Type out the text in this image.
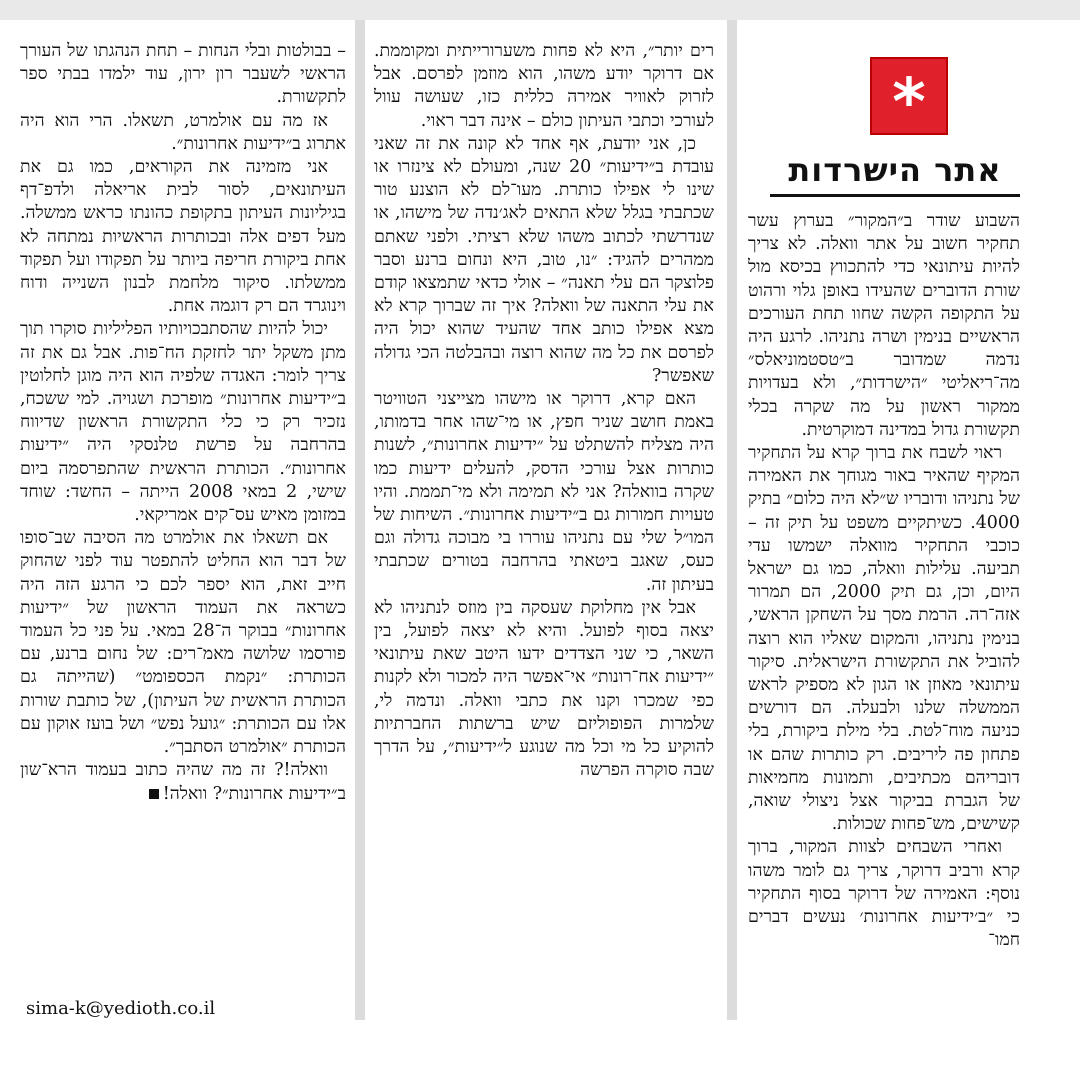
*
אתר הישרדות

השבוע שודר ב״המקור״ בערוץ עשר תחקיר חשוב על אתר וואלה. לא צריך להיות עיתונאי כדי להתכווץ בכיסא מול שורת הדוברים שהעידו באופן גלוי ורהוט על התקופה הקשה שחוו תחת העורכים הראשיים בנימין ושרה נתניהו. לרגע היה נדמה שמדובר ב״טסטמוניאלס״ מה־ריאליטי ״הישרדות״, ולא בעדויות ממקור ראשון על מה שקרה בכלי תקשורת גדול במדינה דמוקרטית.

ראוי לשבח את ברוך קרא על התחקיר המקיף שהאיר באור מגוחך את האמירה של נתניהו ודובריו ש״לא היה כלום״ בתיק 4000. כשיתקיים משפט על תיק זה – כוכבי התחקיר מוואלה ישמשו עדי תביעה. עלילות וואלה, כמו גם ישראל היום, וכן, גם תיק 2000, הם תמרור אזה־רה. הרמת מסך על השחקן הראשי, בנימין נתניהו, והמקום שאליו הוא רוצה להוביל את התקשורת הישראלית. סיקור עיתונאי מאוזן או הגון לא מספיק לראש הממשלה שלנו ולבעלה. הם דורשים כניעה מוח־לטת. בלי מילת ביקורת, בלי פתחון פה ליריבים. רק כותרות שהם או דובריהם מכתיבים, ותמונות מחמיאות של הגברת בביקור אצל ניצולי שואה, קשישים, מש־פחות שכולות.

ואחרי השבחים לצוות המקור, ברוך קרא ורביב דרוקר, צריך גם לומר משהו נוסף: האמירה של דרוקר בסוף התחקיר כי ״ב׳ידיעות אחרונות׳ נעשים דברים חמו־

רים יותר״, היא לא פחות משערורייתית ומקוממת. אם דרוקר יודע משהו, הוא מוזמן לפרסם. אבל לזרוק לאוויר אמירה כללית כזו, שעושה עוול לעורכי וכתבי העיתון כולם – אינה דבר ראוי.

כן, אני יודעת, אף אחד לא קונה את זה שאני עובדת ב״ידיעות״ 20 שנה, ומעולם לא צינזרו או שינו לי אפילו כותרת. מעו־לם לא הוצנע טור שכתבתי בגלל שלא התאים לאג׳נדה של מישהו, או שנדרשתי לכתוב משהו שלא רציתי. ולפני שאתם ממהרים להגיד: ״נו, טוב, היא ונחום ברנע וסבר פלוצקר הם עלי תאנה״ – אולי כדאי שתמצאו קודם את עלי התאנה של וואלה? איך זה שברוך קרא לא מצא אפילו כותב אחד שהעיד שהוא יכול היה לפרסם את כל מה שהוא רוצה ובהבלטה הכי גדולה שאפשר?

האם קרא, דרוקר או מישהו מצייצני הטוויטר באמת חושב שניר חפץ, או מי־שהו אחר בדמותו, היה מצליח להשתלט על ״ידיעות אחרונות״, לשנות כותרות אצל עורכי הדסק, להעלים ידיעות כמו שקרה בוואלה? אני לא תמימה ולא מי־תממת. והיו טעויות חמורות גם ב״ידיעות אחרונות״. השיחות של המו״ל שלי עם נתניהו עוררו בי מבוכה גדולה וגם כעס, שאגב ביטאתי בהרחבה בטורים שכתבתי בעיתון זה.

אבל אין מחלוקת שעסקה בין מוזס לנתניהו לא יצאה בסוף לפועל. והיא לא יצאה לפועל, בין השאר, כי שני הצדדים ידעו היטב שאת עיתונאי ״ידיעות אח־רונות״ אי־אפשר היה למכור ולא לקנות כפי שמכרו וקנו את כתבי וואלה. ונדמה לי, שלמרות הפופוליזם שיש ברשתות החברתיות להוקיע כל מי וכל מה שנוגע ל״ידיעות״, על הדרך שבה סוקרה הפרשה

– בבולטות ובלי הנחות – תחת הנהגתו של העורך הראשי לשעבר רון ירון, עוד ילמדו בבתי ספר לתקשורת.

אז מה עם אולמרט, תשאלו. הרי הוא היה אתרוג ב״ידיעות אחרונות״.

אני מזמינה את הקוראים, כמו גם את העיתונאים, לסור לבית אריאלה ולדפ־דף בגיליונות העיתון בתקופת כהונתו כראש ממשלה. מעל דפים אלה ובכותרות הראשיות נמתחה לא אחת ביקורת חריפה ביותר על תפקודו ועל תפקוד ממשלתו. סיקור מלחמת לבנון השנייה ודוח וינוגרד הם רק דוגמה אחת.

יכול להיות שהסתבכויותיו הפליליות סוקרו תוך מתן משקל יתר לחזקת הח־פות. אבל גם את זה צריך לומר: האגדה שלפיה הוא היה מוגן לחלוטין ב״ידיעות אחרונות״ מופרכת ושגויה. למי ששכח, נזכיר רק כי כלי התקשורת הראשון שדיווח בהרחבה על פרשת טלנסקי היה ״ידיעות אחרונות״. הכותרת הראשית שהתפרסמה ביום שישי, 2 במאי 2008 הייתה – החשד: שוחד במזומן מאיש עס־קים אמריקאי.

אם תשאלו את אולמרט מה הסיבה שב־סופו של דבר הוא החליט להתפטר עוד לפני שהחוק חייב זאת, הוא יספר לכם כי הרגע הזה היה כשראה את העמוד הראשון של ״ידיעות אחרונות״ בבוקר ה־28 במאי. על פני כל העמוד פורסמו שלושה מאמ־רים: של נחום ברנע, עם הכותרת: ״נקמת הכספומט״ (שהייתה גם הכותרת הראשית של העיתון), של כותבת שורות אלו עם הכותרת: ״גועל נפש״ ושל בועז אוקון עם הכותרת ״אולמרט הסתבך״.

וואלה!? זה מה שהיה כתוב בעמוד הרא־שון ב״ידיעות אחרונות״? וואלה!

sima-k@yedioth.co.il
